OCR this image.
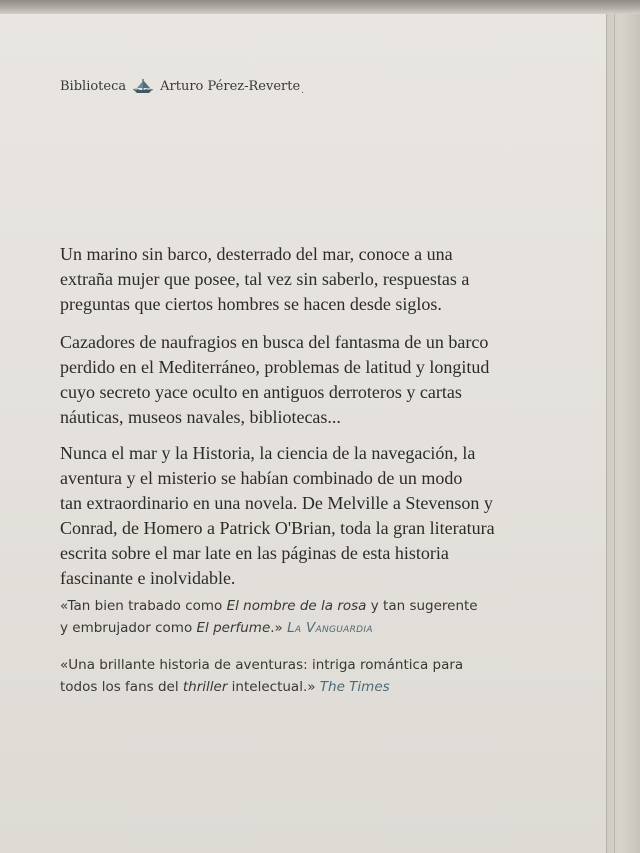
Biblioteca	Arturo Pérez-Reverte ·
Un marino sin barco, desterrado del mar, conoce a una
extraña mujer que posee, tal vez sin saberlo, respuestas a
preguntas que ciertos hombres se hacen desde siglos.
Cazadores de naufragios en busca del fantasma de un barco
perdido en el Mediterráneo, problemas de latitud y longitud
cuyo secreto yace oculto en antiguos derroteros y cartas
náuticas, museos navales, bibliotecas...
Nunca el mar y la Historia, la ciencia de la navegación, la
aventura y el misterio se habían combinado de un modo
tan extraordinario en una novela. De Melville a Stevenson y
Conrad, de Homero a Patrick O'Brian, toda la gran literatura
escrita sobre el mar late en las páginas de esta historia
fascinante e inolvidable.
«Tan bien trabado como El nombre de la rosa y tan sugerente
y embrujador como El perfume.» La Vanguardia
«Una brillante historia de aventuras: intriga romántica para
todos los fans del thriller intelectual.» The Times
